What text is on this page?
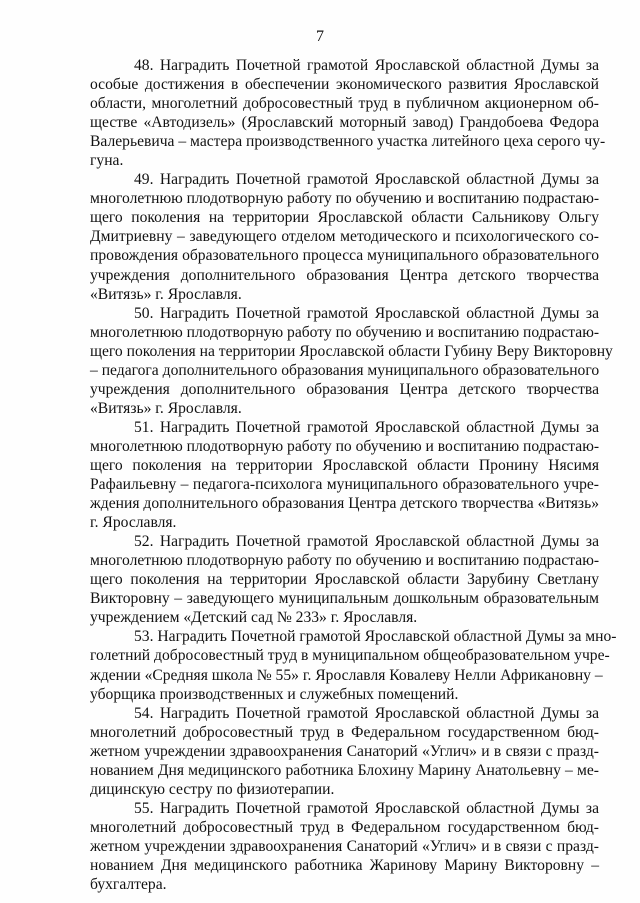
7
48. Наградить Почетной грамотой Ярославской областной Думы за
особые достижения в обеспечении экономического развития Ярославской
области, многолетний добросовестный труд в публичном акционерном об-
ществе «Автодизель» (Ярославский моторный завод) Грандобоева Федора
Валерьевича – мастера производственного участка литейного цеха серого чу-
гуна.
49. Наградить Почетной грамотой Ярославской областной Думы за
многолетнюю плодотворную работу по обучению и воспитанию подрастаю-
щего поколения на территории Ярославской области Сальникову Ольгу
Дмитриевну – заведующего отделом методического и психологического со-
провождения образовательного процесса муниципального образовательного
учреждения дополнительного образования Центра детского творчества
«Витязь» г. Ярославля.
50. Наградить Почетной грамотой Ярославской областной Думы за
многолетнюю плодотворную работу по обучению и воспитанию подрастаю-
щего поколения на территории Ярославской области Губину Веру Викторовну
– педагога дополнительного образования муниципального образовательного
учреждения дополнительного образования Центра детского творчества
«Витязь» г. Ярославля.
51. Наградить Почетной грамотой Ярославской областной Думы за
многолетнюю плодотворную работу по обучению и воспитанию подрастаю-
щего поколения на территории Ярославской области Пронину Нясимя
Рафаильевну – педагога-психолога муниципального образовательного учре-
ждения дополнительного образования Центра детского творчества «Витязь»
г. Ярославля.
52. Наградить Почетной грамотой Ярославской областной Думы за
многолетнюю плодотворную работу по обучению и воспитанию подрастаю-
щего поколения на территории Ярославской области Зарубину Светлану
Викторовну – заведующего муниципальным дошкольным образовательным
учреждением «Детский сад № 233» г. Ярославля.
53. Наградить Почетной грамотой Ярославской областной Думы за мно-
голетний добросовестный труд в муниципальном общеобразовательном учре-
ждении «Средняя школа № 55» г. Ярославля Ковалеву Нелли Африкановну –
уборщика производственных и служебных помещений.
54. Наградить Почетной грамотой Ярославской областной Думы за
многолетний добросовестный труд в Федеральном государственном бюд-
жетном учреждении здравоохранения Санаторий «Углич» и в связи с празд-
нованием Дня медицинского работника Блохину Марину Анатольевну – ме-
дицинскую сестру по физиотерапии.
55. Наградить Почетной грамотой Ярославской областной Думы за
многолетний добросовестный труд в Федеральном государственном бюд-
жетном учреждении здравоохранения Санаторий «Углич» и в связи с празд-
нованием Дня медицинского работника Жаринову Марину Викторовну –
бухгалтера.
